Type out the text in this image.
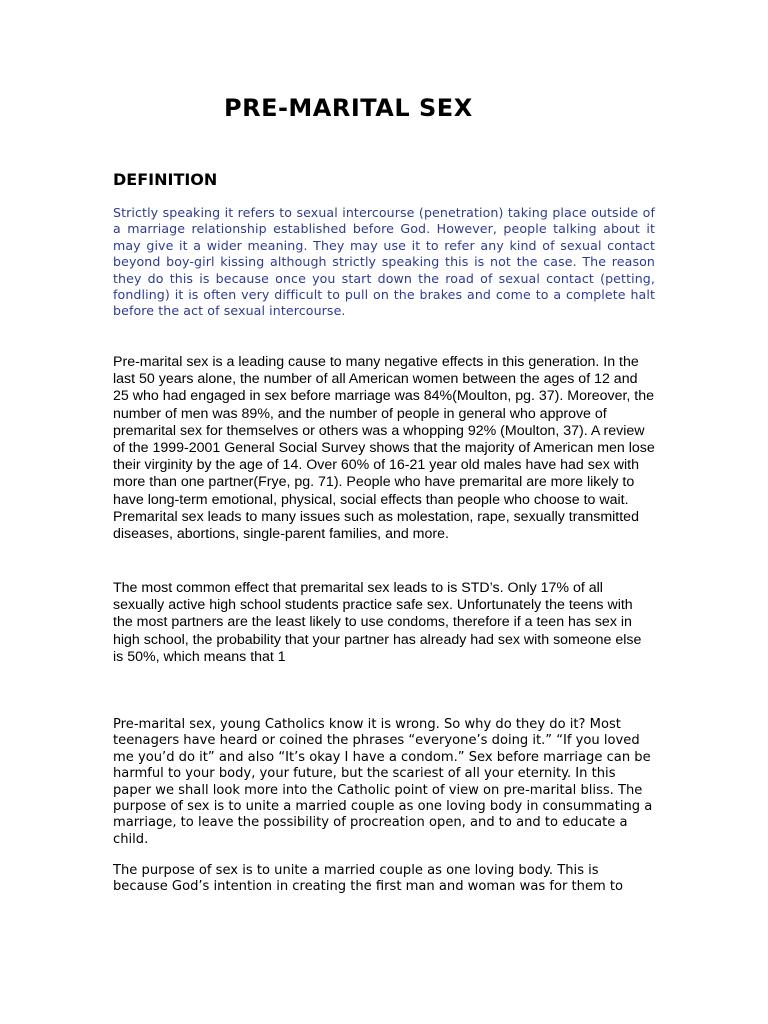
PRE-MARITAL SEX
DEFINITION

Strictly speaking it refers to sexual intercourse (penetration) taking place outside of a marriage relationship established before God. However, people talking about it may give it a wider meaning. They may use it to refer any kind of sexual contact beyond boy-girl kissing although strictly speaking this is not the case. The reason they do this is because once you start down the road of sexual contact (petting, fondling) it is often very difficult to pull on the brakes and come to a complete halt before the act of sexual intercourse.

Pre-marital sex is a leading cause to many negative effects in this generation. In the last 50 years alone, the number of all American women between the ages of 12 and 25 who had engaged in sex before marriage was 84%(Moulton, pg. 37). Moreover, the number of men was 89%, and the number of people in general who approve of premarital sex for themselves or others was a whopping 92% (Moulton, 37). A review of the 1999-2001 General Social Survey shows that the majority of American men lose their virginity by the age of 14. Over 60% of 16-21 year old males have had sex with more than one partner(Frye, pg. 71). People who have premarital are more likely to have long-term emotional, physical, social effects than people who choose to wait. Premarital sex leads to many issues such as molestation, rape, sexually transmitted diseases, abortions, single-parent families, and more.

The most common effect that premarital sex leads to is STD’s. Only 17% of all sexually active high school students practice safe sex. Unfortunately the teens with the most partners are the least likely to use condoms, therefore if a teen has sex in high school, the probability that your partner has already had sex with someone else is 50%, which means that 1

Pre-marital sex, young Catholics know it is wrong. So why do they do it? Most teenagers have heard or coined the phrases “everyone’s doing it.” “If you loved me you’d do it” and also “It’s okay I have a condom.” Sex before marriage can be harmful to your body, your future, but the scariest of all your eternity. In this paper we shall look more into the Catholic point of view on pre-marital bliss. The purpose of sex is to unite a married couple as one loving body in consummating a marriage, to leave the possibility of procreation open, and to and to educate a child.

The purpose of sex is to unite a married couple as one loving body. This is because God’s intention in creating the first man and woman was for them to
